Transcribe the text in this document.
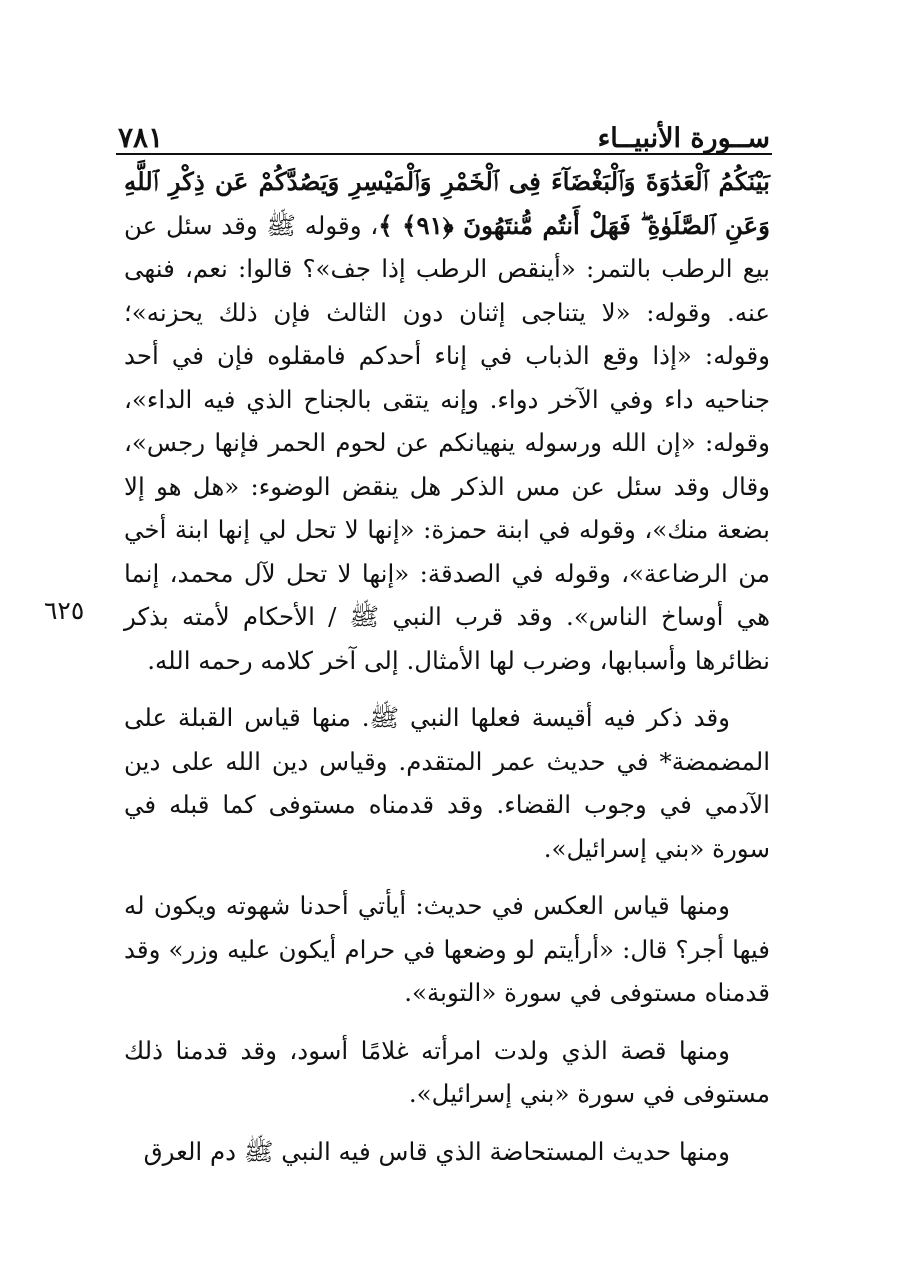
ســورة الأنبيــاء
٧٨١
٦٢٥

بَيْنَكُمُ ٱلْعَدَٰوَةَ وَٱلْبَغْضَآءَ فِى ٱلْخَمْرِ وَٱلْمَيْسِرِ وَيَصُدَّكُمْ عَن ذِكْرِ ٱللَّهِ وَعَنِ ٱلصَّلَوٰةِ ۖ فَهَلْ أَنتُم مُّنتَهُونَ ﴿٩١﴾ ﴾، وقوله ﷺ وقد سئل عن بيع الرطب بالتمر: «أينقص الرطب إذا جف»؟ قالوا: نعم، فنهى عنه. وقوله: «لا يتناجى إثنان دون الثالث فإن ذلك يحزنه»؛ وقوله: «إذا وقع الذباب في إناء أحدكم فامقلوه فإن في أحد جناحيه داء وفي الآخر دواء. وإنه يتقى بالجناح الذي فيه الداء»، وقوله: «إن الله ورسوله ينهيانكم عن لحوم الحمر فإنها رجس»، وقال وقد سئل عن مس الذكر هل ينقض الوضوء: «هل هو إلا بضعة منك»، وقوله في ابنة حمزة: «إنها لا تحل لي إنها ابنة أخي من الرضاعة»، وقوله في الصدقة: «إنها لا تحل لآل محمد، إنما هي أوساخ الناس». وقد قرب النبي ﷺ / الأحكام لأمته بذكر نظائرها وأسبابها، وضرب لها الأمثال. إلى آخر كلامه رحمه الله.

وقد ذكر فيه أقيسة فعلها النبي ﷺ. منها قياس القبلة على المضمضة* في حديث عمر المتقدم. وقياس دين الله على دين الآدمي في وجوب القضاء. وقد قدمناه مستوفى كما قبله في سورة «بني إسرائيل».

ومنها قياس العكس في حديث: أيأتي أحدنا شهوته ويكون له فيها أجر؟ قال: «أرأيتم لو وضعها في حرام أيكون عليه وزر» وقد قدمناه مستوفى في سورة «التوبة».

ومنها قصة الذي ولدت امرأته غلامًا أسود، وقد قدمنا ذلك مستوفى في سورة «بني إسرائيل».

ومنها حديث المستحاضة الذي قاس فيه النبي ﷺ دم العرق
